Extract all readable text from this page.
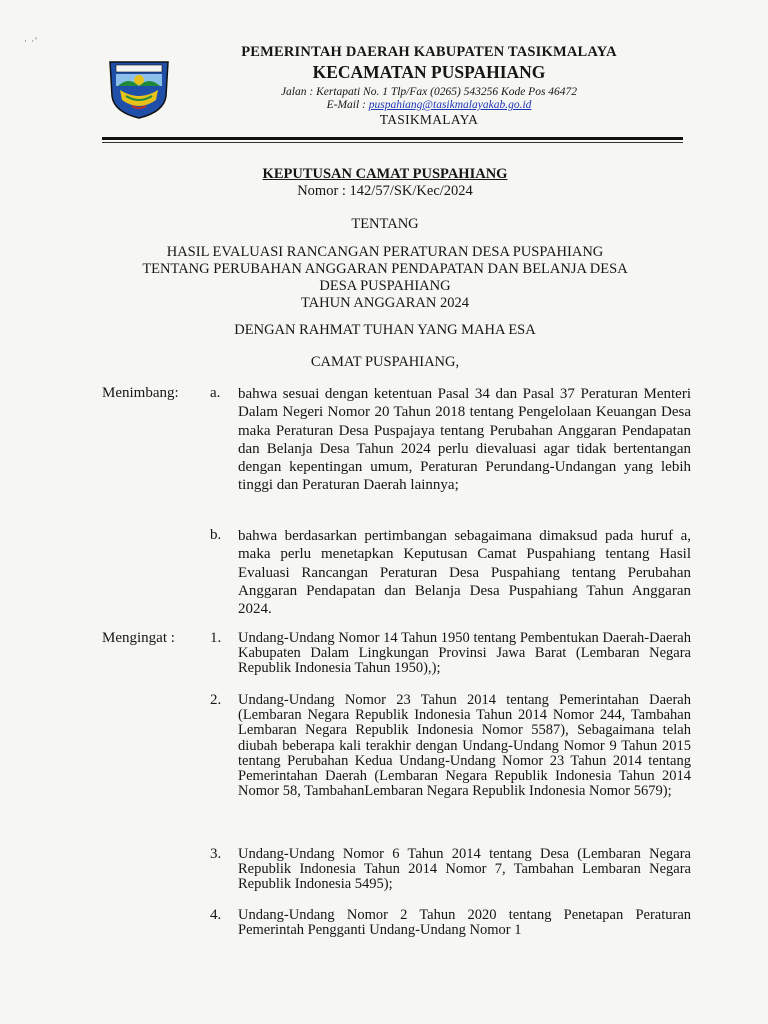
· ·'
PEMERINTAH DAERAH KABUPATEN TASIKMALAYA
KECAMATAN PUSPAHIANG
Jalan : Kertapati No. 1 Tlp/Fax (0265) 543256 Kode Pos 46472
E-Mail : puspahiang@tasikmalayakab.go.id
TASIKMALAYA
KEPUTUSAN CAMAT PUSPAHIANG
Nomor : 142/57/SK/Kec/2024
TENTANG
HASIL EVALUASI RANCANGAN PERATURAN DESA PUSPAHIANG
TENTANG PERUBAHAN ANGGARAN PENDAPATAN DAN BELANJA DESA
DESA PUSPAHIANG
TAHUN ANGGARAN 2024
DENGAN RAHMAT TUHAN YANG MAHA ESA
CAMAT PUSPAHIANG,
Menimbang: a. bahwa sesuai dengan ketentuan Pasal 34 dan Pasal 37 Peraturan Menteri Dalam Negeri Nomor 20 Tahun 2018 tentang Pengelolaan Keuangan Desa maka Peraturan Desa Puspajaya tentang Perubahan Anggaran Pendapatan dan Belanja Desa Tahun 2024 perlu dievaluasi agar tidak bertentangan dengan kepentingan umum, Peraturan Perundang-Undangan yang lebih tinggi dan Peraturan Daerah lainnya;
b. bahwa berdasarkan pertimbangan sebagaimana dimaksud pada huruf a, maka perlu menetapkan Keputusan Camat Puspahiang tentang Hasil Evaluasi Rancangan Peraturan Desa Puspahiang tentang Perubahan Anggaran Pendapatan dan Belanja Desa Puspahiang Tahun Anggaran 2024.
Mengingat : 1. Undang-Undang Nomor 14 Tahun 1950 tentang Pembentukan Daerah-Daerah Kabupaten Dalam Lingkungan Provinsi Jawa Barat (Lembaran Negara Republik Indonesia Tahun 1950),);
2. Undang-Undang Nomor 23 Tahun 2014 tentang Pemerintahan Daerah (Lembaran Negara Republik Indonesia Tahun 2014 Nomor 244, Tambahan Lembaran Negara Republik Indonesia Nomor 5587), Sebagaimana telah diubah beberapa kali terakhir dengan Undang-Undang Nomor 9 Tahun 2015 tentang Perubahan Kedua Undang-Undang Nomor 23 Tahun 2014 tentang Pemerintahan Daerah (Lembaran Negara Republik Indonesia Tahun 2014 Nomor 58, TambahanLembaran Negara Republik Indonesia Nomor 5679);
3. Undang-Undang Nomor 6 Tahun 2014 tentang Desa (Lembaran Negara Republik Indonesia Tahun 2014 Nomor 7, Tambahan Lembaran Negara Republik Indonesia 5495);
4. Undang-Undang Nomor 2 Tahun 2020 tentang Penetapan Peraturan Pemerintah Pengganti Undang-Undang Nomor 1
